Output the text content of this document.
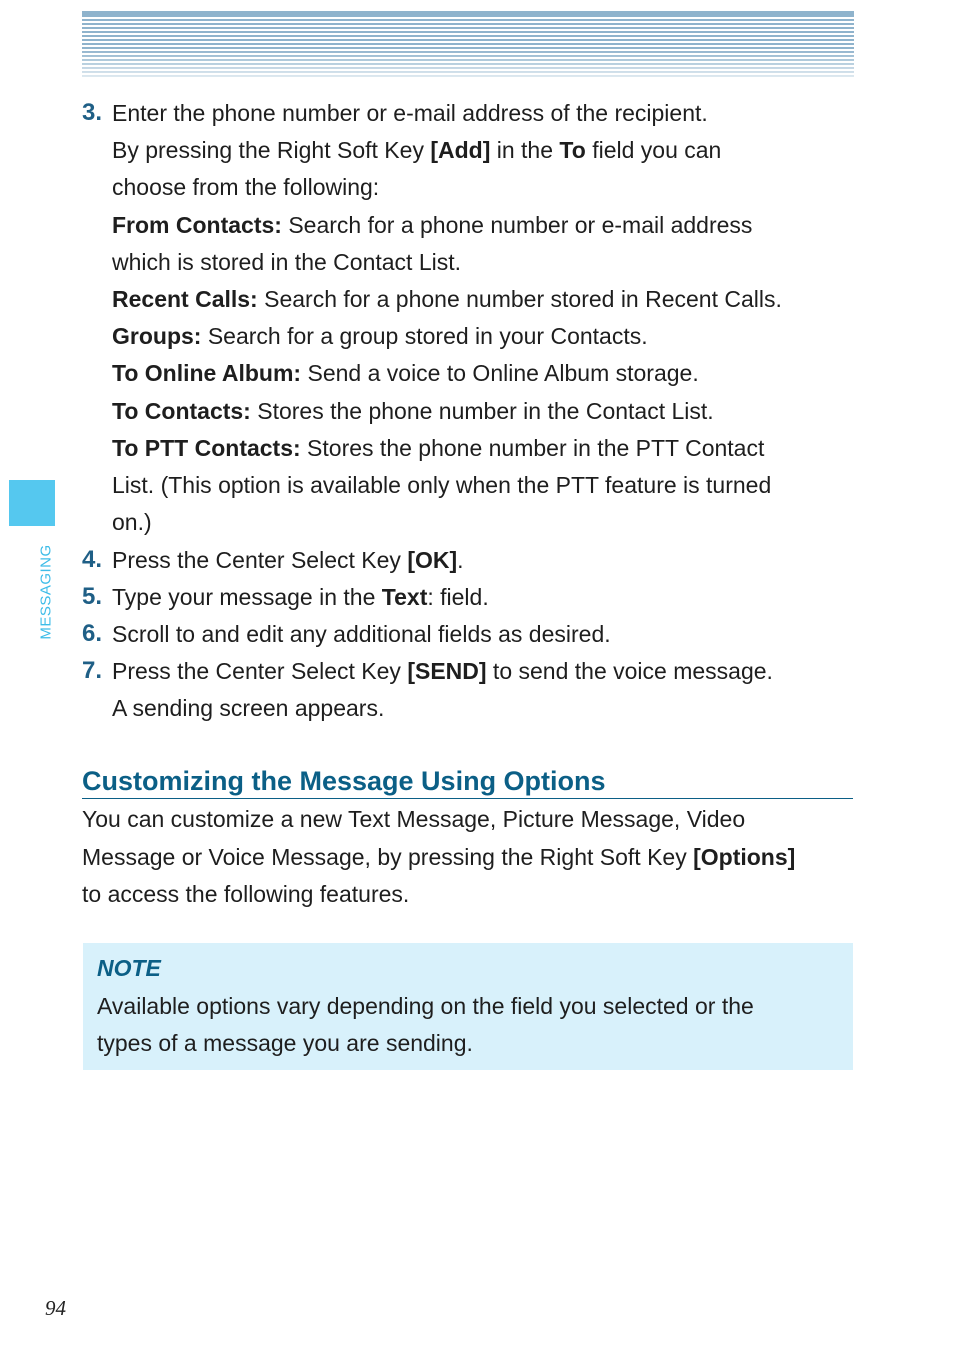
MESSAGING
3. Enter the phone number or e-mail address of the recipient.
By pressing the Right Soft Key [Add] in the To field you can
choose from the following:
From Contacts: Search for a phone number or e-mail address
which is stored in the Contact List.
Recent Calls: Search for a phone number stored in Recent Calls.
Groups: Search for a group stored in your Contacts.
To Online Album: Send a voice to Online Album storage.
To Contacts: Stores the phone number in the Contact List.
To PTT Contacts: Stores the phone number in the PTT Contact
List. (This option is available only when the PTT feature is turned
on.)
4. Press the Center Select Key [OK].
5. Type your message in the Text: field.
6. Scroll to and edit any additional fields as desired.
7. Press the Center Select Key [SEND] to send the voice message.
A sending screen appears.
Customizing the Message Using Options
You can customize a new Text Message, Picture Message, Video
Message or Voice Message, by pressing the Right Soft Key [Options]
to access the following features.
NOTE
Available options vary depending on the field you selected or the
types of a message you are sending.
94
